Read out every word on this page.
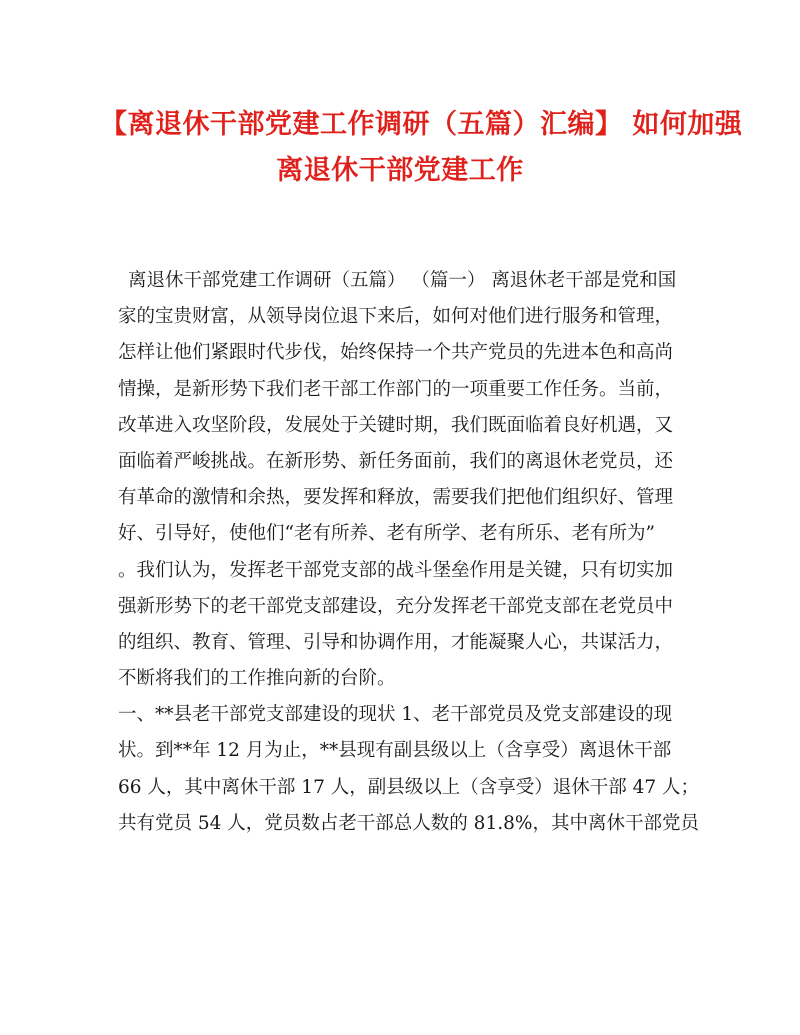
【离退休干部党建工作调研（五篇）汇编】 如何加强
离退休干部党建工作
离退休干部党建工作调研（五篇） （篇一） 离退休老干部是党和国
家的宝贵财富，从领导岗位退下来后，如何对他们进行服务和管理，
怎样让他们紧跟时代步伐，始终保持一个共产党员的先进本色和高尚
情操，是新形势下我们老干部工作部门的一项重要工作任务。当前，
改革进入攻坚阶段，发展处于关键时期，我们既面临着良好机遇，又
面临着严峻挑战。在新形势、新任务面前，我们的离退休老党员，还
有革命的激情和余热，要发挥和释放，需要我们把他们组织好、管理
好、引导好，使他们“老有所养、老有所学、老有所乐、老有所为”
。我们认为，发挥老干部党支部的战斗堡垒作用是关键，只有切实加
强新形势下的老干部党支部建设，充分发挥老干部党支部在老党员中
的组织、教育、管理、引导和协调作用，才能凝聚人心，共谋活力，
不断将我们的工作推向新的台阶。
一、**县老干部党支部建设的现状 1、老干部党员及党支部建设的现
状。到**年 12 月为止，**县现有副县级以上（含享受）离退休干部
66 人，其中离休干部 17 人，副县级以上（含享受）退休干部 47 人；
共有党员 54 人，党员数占老干部总人数的 81.8%，其中离休干部党员
